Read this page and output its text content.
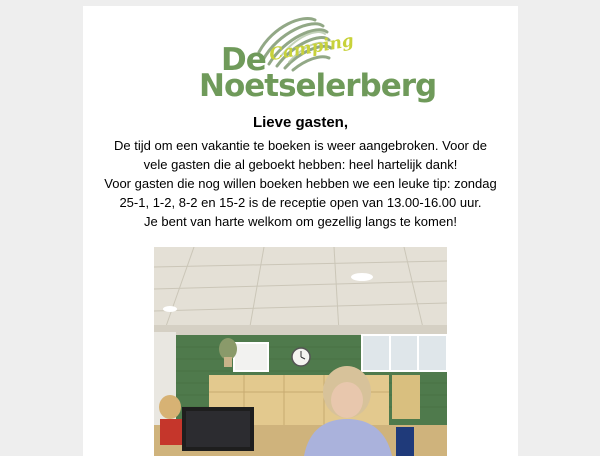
De Camping
Noetselerberg
Lieve gasten,

De tijd om een vakantie te boeken is weer aangebroken. Voor de vele gasten die al geboekt hebben: heel hartelijk dank!

Voor gasten die nog willen boeken hebben we een leuke tip: zondag 25-1, 1-2, 8-2 en 15-2 is de receptie open van 13.00-16.00 uur.

Je bent van harte welkom om gezellig langs te komen!
